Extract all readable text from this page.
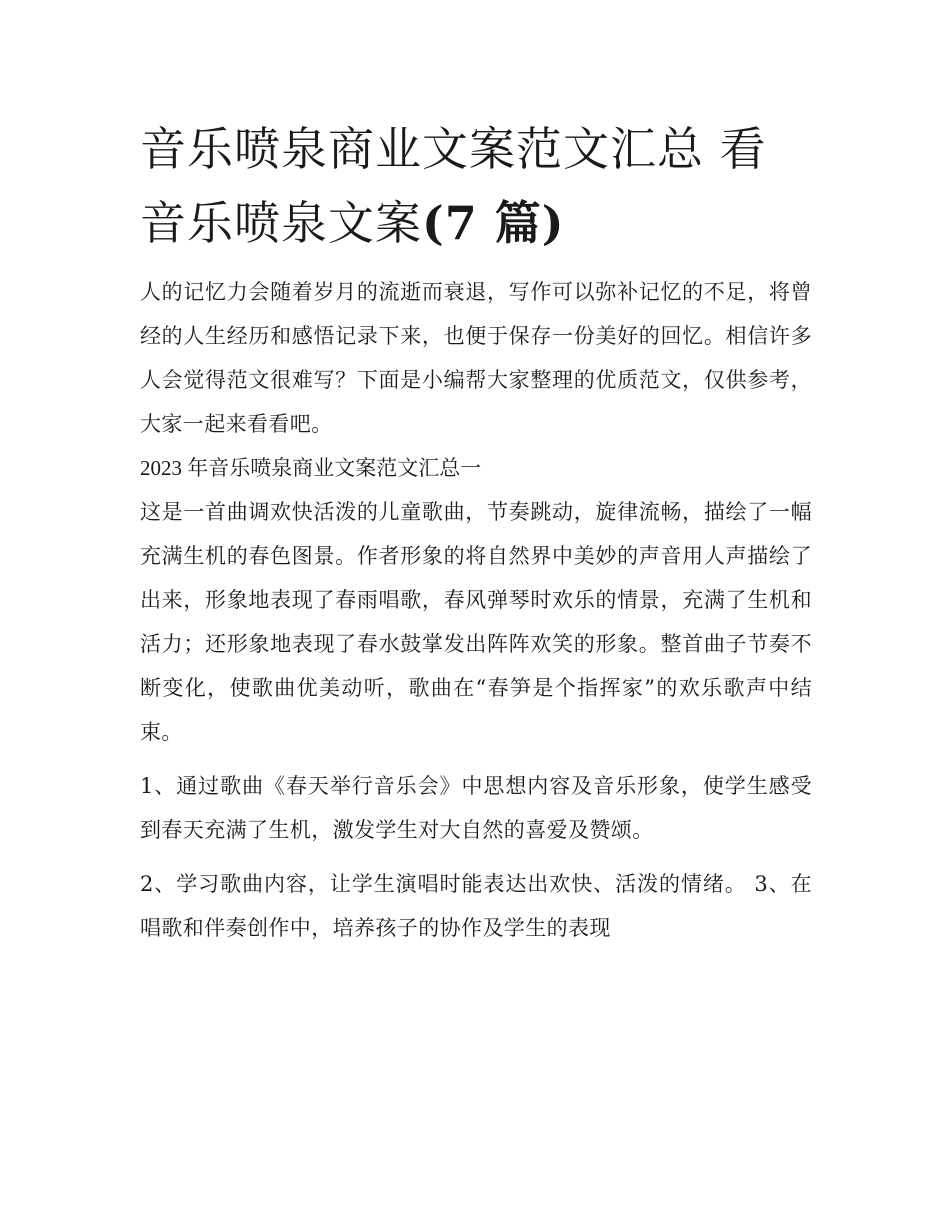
音乐喷泉商业文案范文汇总 看音乐喷泉文案(7 篇)

人的记忆力会随着岁月的流逝而衰退，写作可以弥补记忆的不足，将曾经的人生经历和感悟记录下来，也便于保存一份美好的回忆。相信许多人会觉得范文很难写？下面是小编帮大家整理的优质范文，仅供参考，大家一起来看看吧。

2023 年音乐喷泉商业文案范文汇总一

这是一首曲调欢快活泼的儿童歌曲，节奏跳动，旋律流畅，描绘了一幅充满生机的春色图景。作者形象的将自然界中美妙的声音用人声描绘了出来，形象地表现了春雨唱歌，春风弹琴时欢乐的情景，充满了生机和活力；还形象地表现了春水鼓掌发出阵阵欢笑的形象。整首曲子节奏不断变化，使歌曲优美动听，歌曲在“春笋是个指挥家”的欢乐歌声中结束。

1、通过歌曲《春天举行音乐会》中思想内容及音乐形象，使学生感受到春天充满了生机，激发学生对大自然的喜爱及赞颂。

2、学习歌曲内容，让学生演唱时能表达出欢快、活泼的情绪。 3、在唱歌和伴奏创作中，培养孩子的协作及学生的表现
